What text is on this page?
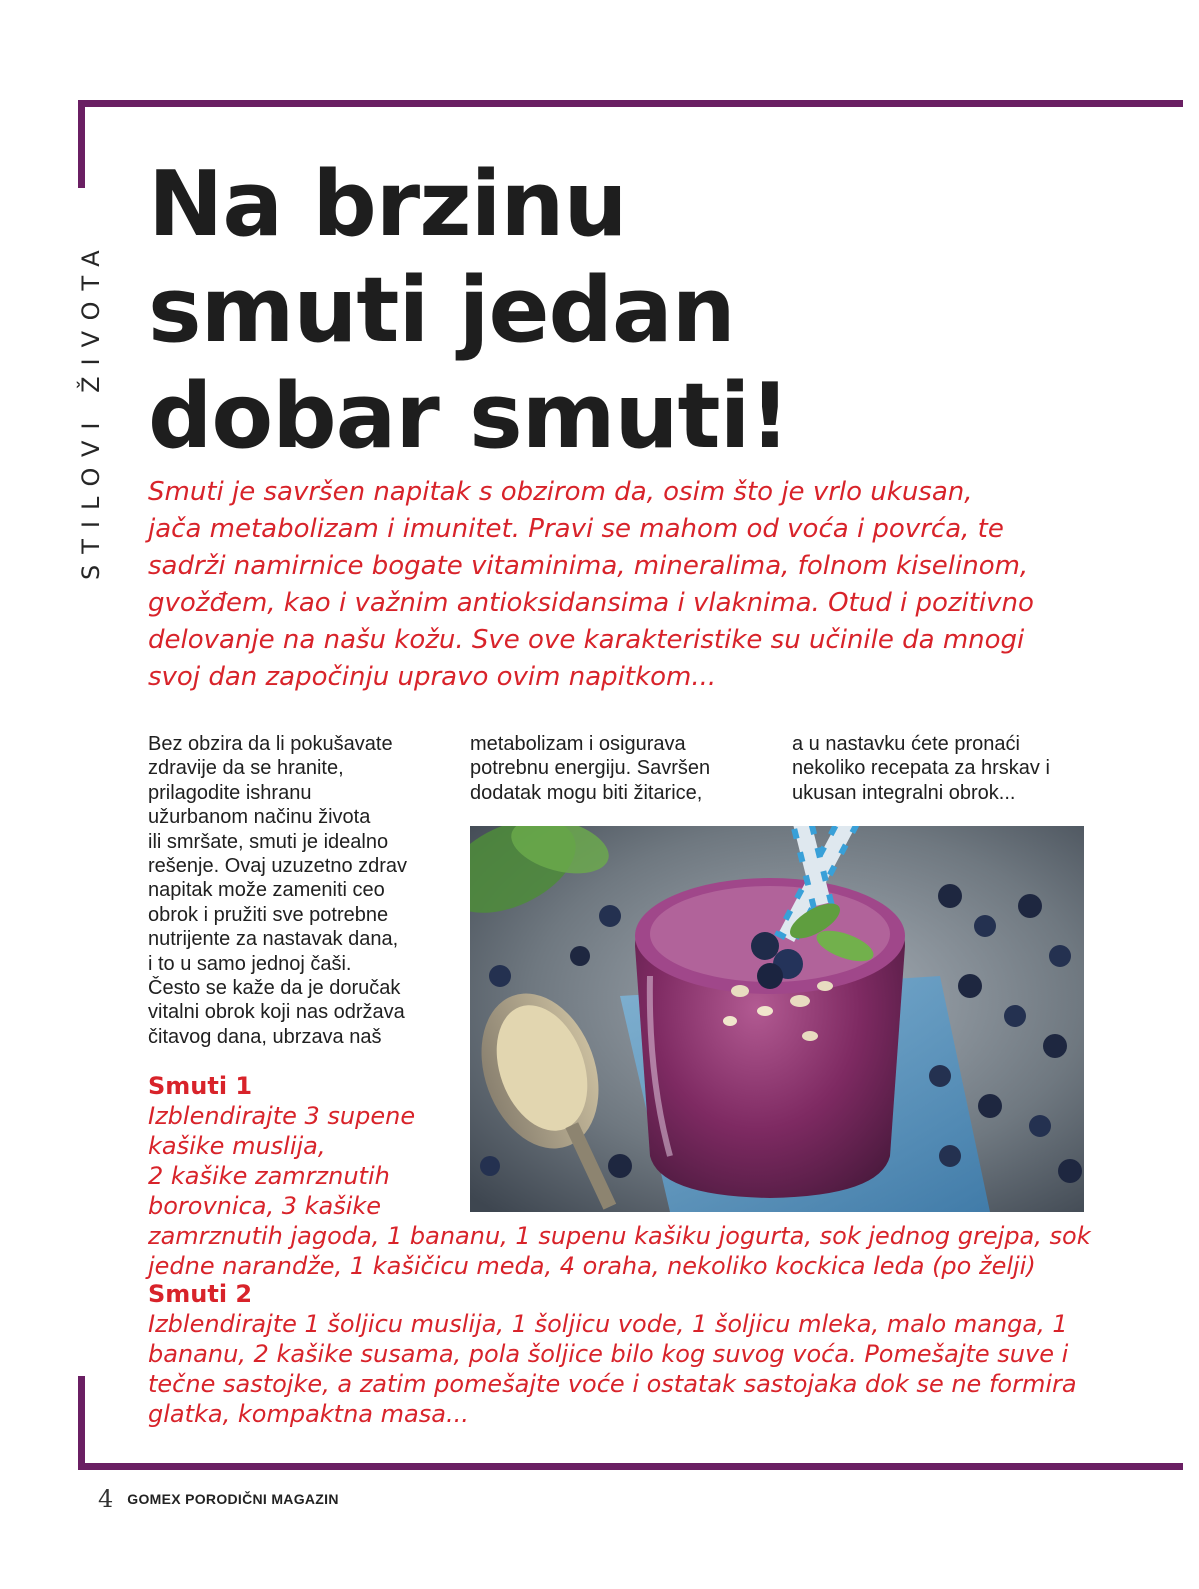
STILOVI ŽIVOTA
Na brzinu
smuti jedan
dobar smuti!

Smuti je savršen napitak s obzirom da, osim što je vrlo ukusan,
jača metabolizam i imunitet. Pravi se mahom od voća i povrća, te
sadrži namirnice bogate vitaminima, mineralima, folnom kiselinom,
gvožđem, kao i važnim antioksidansima i vlaknima. Otud i pozitivno
delovanje na našu kožu. Sve ove karakteristike su učinile da mnogi
svoj dan započinju upravo ovim napitkom...

Bez obzira da li pokušavate
zdravije da se hranite,
prilagodite ishranu
užurbanom načinu života
ili smršate, smuti je idealno
rešenje. Ovaj uzuzetno zdrav
napitak može zameniti ceo
obrok i pružiti sve potrebne
nutrijente za nastavak dana,
i to u samo jednoj čaši.
Često se kaže da je doručak
vitalni obrok koji nas održava
čitavog dana, ubrzava naš

metabolizam i osigurava
potrebnu energiju. Savršen
dodatak mogu biti žitarice,

a u nastavku ćete pronaći
nekoliko recepata za hrskav i
ukusan integralni obrok...

Smuti 1
Izblendirajte 3 supene
kašike muslija,
2 kašike zamrznutih
borovnica, 3 kašike
zamrznutih jagoda, 1 bananu, 1 supenu kašiku jogurta, sok jednog grejpa, sok
jedne narandže, 1 kašičicu meda, 4 oraha, nekoliko kockica leda (po želji)
Smuti 2
Izblendirajte 1 šoljicu muslija, 1 šoljicu vode, 1 šoljicu mleka, malo manga, 1
bananu, 2 kašike susama, pola šoljice bilo kog suvog voća. Pomešajte suve i
tečne sastojke, a zatim pomešajte voće i ostatak sastojaka dok se ne formira
glatka, kompaktna masa...
4 GOMEX PORODIČNI MAGAZIN
